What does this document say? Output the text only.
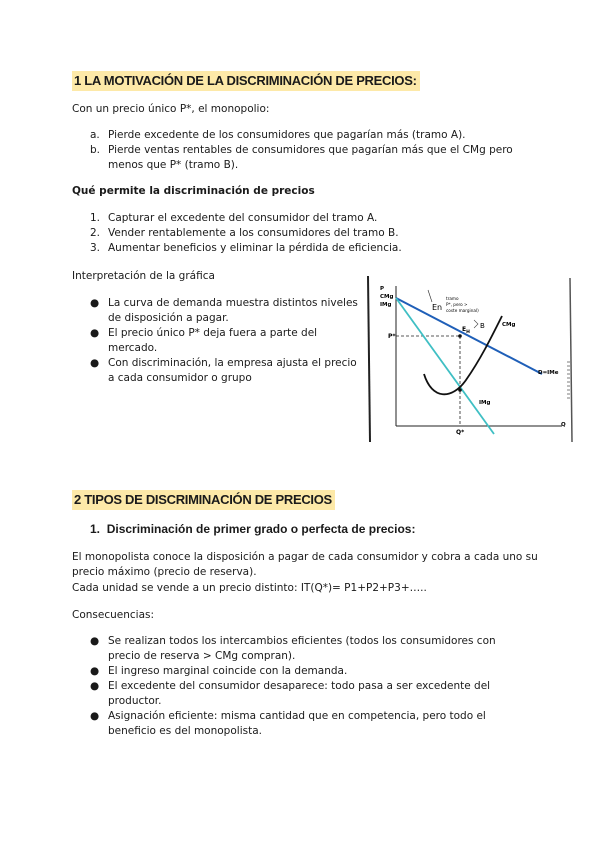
1 LA MOTIVACIÓN DE LA DISCRIMINACIÓN DE PRECIOS:
Con un precio único P*, el monopolio:
a. Pierde excedente de los consumidores que pagarían más (tramo A).
b. Pierde ventas rentables de consumidores que pagarían más que el CMg pero menos que P* (tramo B).
Qué permite la discriminación de precios
1. Capturar el excedente del consumidor del tramo A.
2. Vender rentablemente a los consumidores del tramo B.
3. Aumentar beneficios y eliminar la pérdida de eficiencia.
Interpretación de la gráfica
● La curva de demanda muestra distintos niveles de disposición a pagar.
● El precio único P* deja fuera a parte del mercado.
● Con discriminación, la empresa ajusta el precio a cada consumidor o grupo
P
CMg
IMg
Q
P*
Q*
D=IMe
IMg
CMg
$E_H$
En
tramo
P*, pero >
coste marginal)
B
2 TIPOS DE DISCRIMINACIÓN DE PRECIOS
1. Discriminación de primer grado o perfecta de precios:
El monopolista conoce la disposición a pagar de cada consumidor y cobra a cada uno su precio máximo (precio de reserva).
Cada unidad se vende a un precio distinto: IT(Q*)= P1+P2+P3+…..
Consecuencias:
● Se realizan todos los intercambios eficientes (todos los consumidores con precio de reserva > CMg compran).
● El ingreso marginal coincide con la demanda.
● El excedente del consumidor desaparece: todo pasa a ser excedente del productor.
● Asignación eficiente: misma cantidad que en competencia, pero todo el beneficio es del monopolista.
